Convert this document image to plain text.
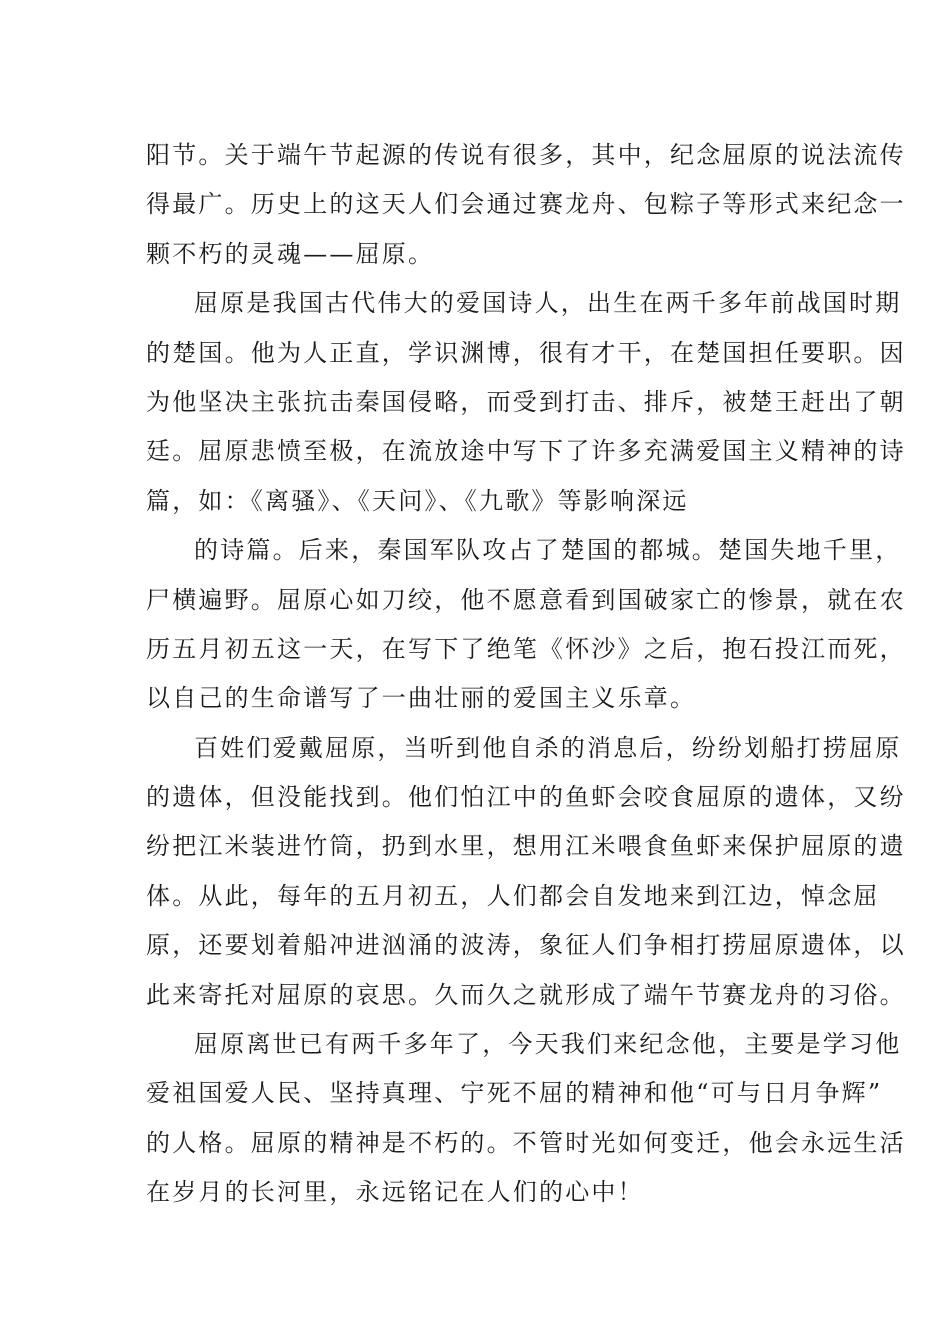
阳节。关于端午节起源的传说有很多，其中，纪念屈原的说法流传
得最广。历史上的这天人们会通过赛龙舟、包粽子等形式来纪念一
颗不朽的灵魂——屈原。
屈原是我国古代伟大的爱国诗人，出生在两千多年前战国时期
的楚国。他为人正直，学识渊博，很有才干，在楚国担任要职。因
为他坚决主张抗击秦国侵略，而受到打击、排斥，被楚王赶出了朝
廷。屈原悲愤至极，在流放途中写下了许多充满爱国主义精神的诗
篇，如：《离骚》、《天问》、《九歌》等影响深远
的诗篇。后来，秦国军队攻占了楚国的都城。楚国失地千里，
尸横遍野。屈原心如刀绞，他不愿意看到国破家亡的惨景，就在农
历五月初五这一天，在写下了绝笔《怀沙》之后，抱石投江而死，
以自己的生命谱写了一曲壮丽的爱国主义乐章。
百姓们爱戴屈原，当听到他自杀的消息后，纷纷划船打捞屈原
的遗体，但没能找到。他们怕江中的鱼虾会咬食屈原的遗体，又纷
纷把江米装进竹筒，扔到水里，想用江米喂食鱼虾来保护屈原的遗
体。从此，每年的五月初五，人们都会自发地来到江边，悼念屈
原，还要划着船冲进汹涌的波涛，象征人们争相打捞屈原遗体，以
此来寄托对屈原的哀思。久而久之就形成了端午节赛龙舟的习俗。
屈原离世已有两千多年了，今天我们来纪念他，主要是学习他
爱祖国爱人民、坚持真理、宁死不屈的精神和他“可与日月争辉”
的人格。屈原的精神是不朽的。不管时光如何变迁，他会永远生活
在岁月的长河里，永远铭记在人们的心中！
